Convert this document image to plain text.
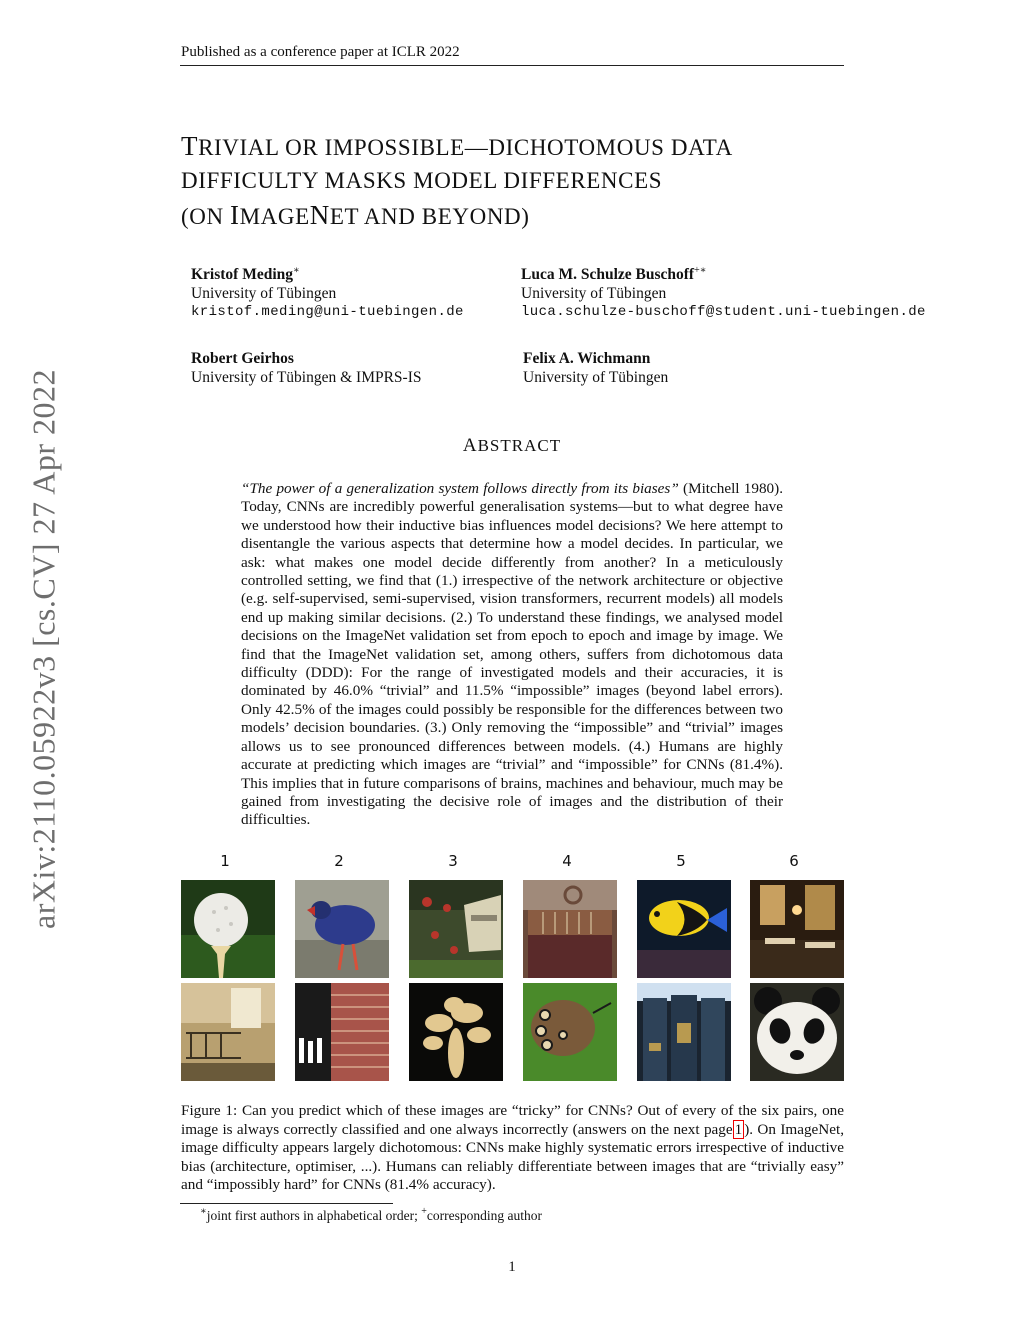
Published as a conference paper at ICLR 2022
arXiv:2110.05922v3 [cs.CV] 27 Apr 2022
TRIVIAL OR IMPOSSIBLE—DICHOTOMOUS DATA
DIFFICULTY MASKS MODEL DIFFERENCES
(ON IMAGENET AND BEYOND)
Kristof Meding∗
University of Tübingen
kristof.meding@uni-tuebingen.de
Luca M. Schulze Buschoff+∗
University of Tübingen
luca.schulze-buschoff@student.uni-tuebingen.de
Robert Geirhos
University of Tübingen & IMPRS-IS
Felix A. Wichmann
University of Tübingen
ABSTRACT
“The power of a generalization system follows directly from its biases” (Mitchell 1980). Today, CNNs are incredibly powerful generalisation systems—but to what degree have we understood how their inductive bias influences model decisions? We here attempt to disentangle the various aspects that determine how a model decides. In particular, we ask: what makes one model decide differently from another? In a meticulously controlled setting, we find that (1.) irrespective of the network architecture or objective (e.g. self-supervised, semi-supervised, vision transformers, recurrent models) all models end up making similar decisions. (2.) To understand these findings, we analysed model decisions on the ImageNet validation set from epoch to epoch and image by image. We find that the ImageNet validation set, among others, suffers from dichotomous data difficulty (DDD): For the range of investigated models and their accuracies, it is dominated by 46.0% “trivial” and 11.5% “impossible” images (beyond label errors). Only 42.5% of the images could possibly be responsible for the differences between two models’ decision boundaries. (3.) Only removing the “impossible” and “trivial” images allows us to see pronounced differences between models. (4.) Humans are highly accurate at predicting which images are “trivial” and “impossible” for CNNs (81.4%). This implies that in future comparisons of brains, machines and behaviour, much may be gained from investigating the decisive role of images and the distribution of their difficulties.
1	2	3	4	5	6
Figure 1: Can you predict which of these images are “tricky” for CNNs? Out of every of the six pairs, one image is always correctly classified and one always incorrectly (answers on the next page 1 ). On ImageNet, image difficulty appears largely dichotomous: CNNs make highly systematic errors irrespective of inductive bias (architecture, optimiser, ...). Humans can reliably differentiate between images that are “trivially easy” and “impossibly hard” for CNNs (81.4% accuracy).
∗joint first authors in alphabetical order; +corresponding author
1
